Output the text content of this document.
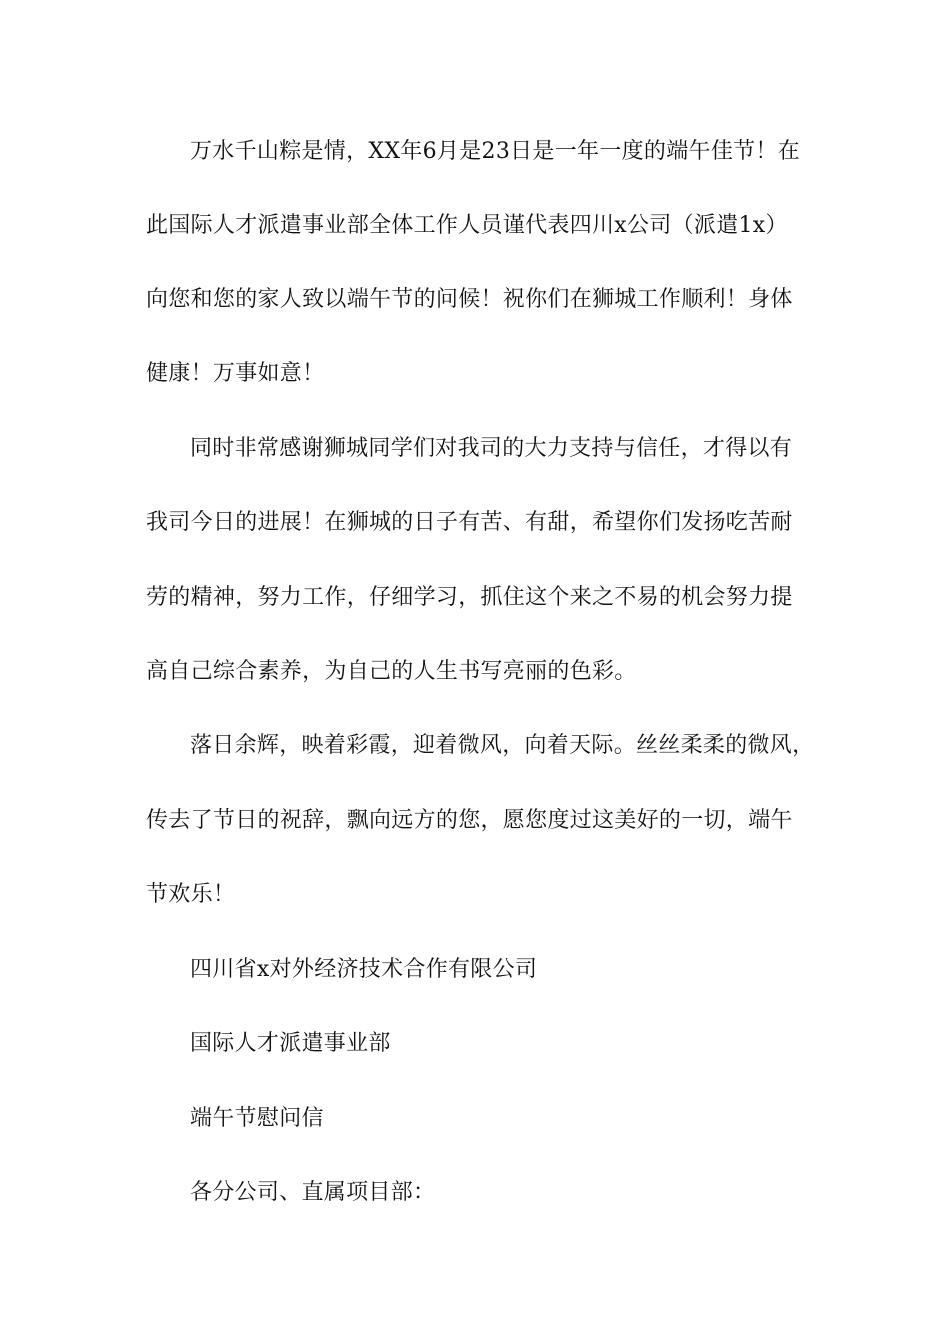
万水千山粽是情，XX年6月是23日是一年一度的端午佳节！在
此国际人才派遣事业部全体工作人员谨代表四川x公司（派遣1x）
向您和您的家人致以端午节的问候！祝你们在狮城工作顺利！身体
健康！万事如意！
同时非常感谢狮城同学们对我司的大力支持与信任，才得以有
我司今日的进展！在狮城的日子有苦、有甜，希望你们发扬吃苦耐
劳的精神，努力工作，仔细学习，抓住这个来之不易的机会努力提
高自己综合素养，为自己的人生书写亮丽的色彩。
落日余辉，映着彩霞，迎着微风，向着天际。丝丝柔柔的微风，
传去了节日的祝辞，飘向远方的您，愿您度过这美好的一切，端午
节欢乐！
四川省x对外经济技术合作有限公司
国际人才派遣事业部
端午节慰问信
各分公司、直属项目部：
